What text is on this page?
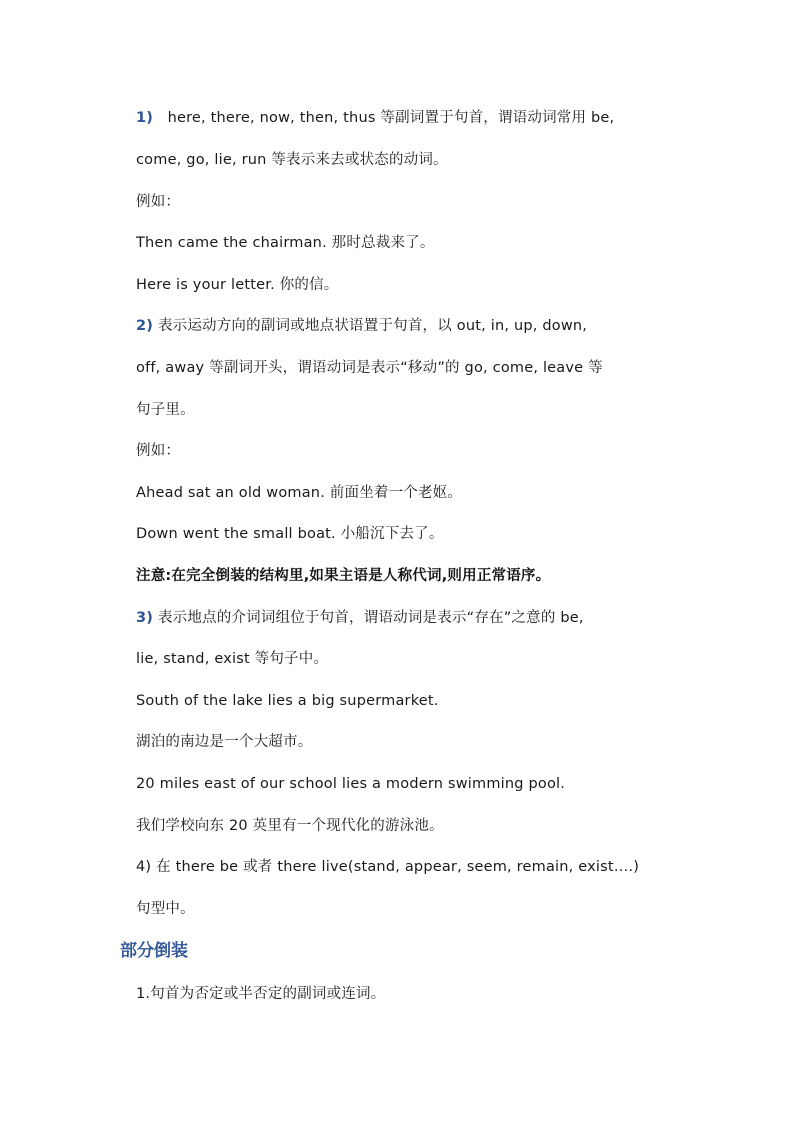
1) here, there, now, then, thus 等副词置于句首，谓语动词常用 be,
come, go, lie, run 等表示来去或状态的动词。
例如：
Then came the chairman. 那时总裁来了。
Here is your letter. 你的信。
2) 表示运动方向的副词或地点状语置于句首，以 out, in, up, down,
off, away 等副词开头，谓语动词是表示“移动”的 go, come, leave 等
句子里。
例如：
Ahead sat an old woman. 前面坐着一个老妪。
Down went the small boat. 小船沉下去了。
注意:在完全倒装的结构里,如果主语是人称代词,则用正常语序。
3) 表示地点的介词词组位于句首，谓语动词是表示“存在”之意的 be,
lie, stand, exist 等句子中。
South of the lake lies a big supermarket.
湖泊的南边是一个大超市。
20 miles east of our school lies a modern swimming pool.
我们学校向东 20 英里有一个现代化的游泳池。
4) 在 there be 或者 there live(stand, appear, seem, remain, exist….)
句型中。
部分倒装
1.句首为否定或半否定的副词或连词。
